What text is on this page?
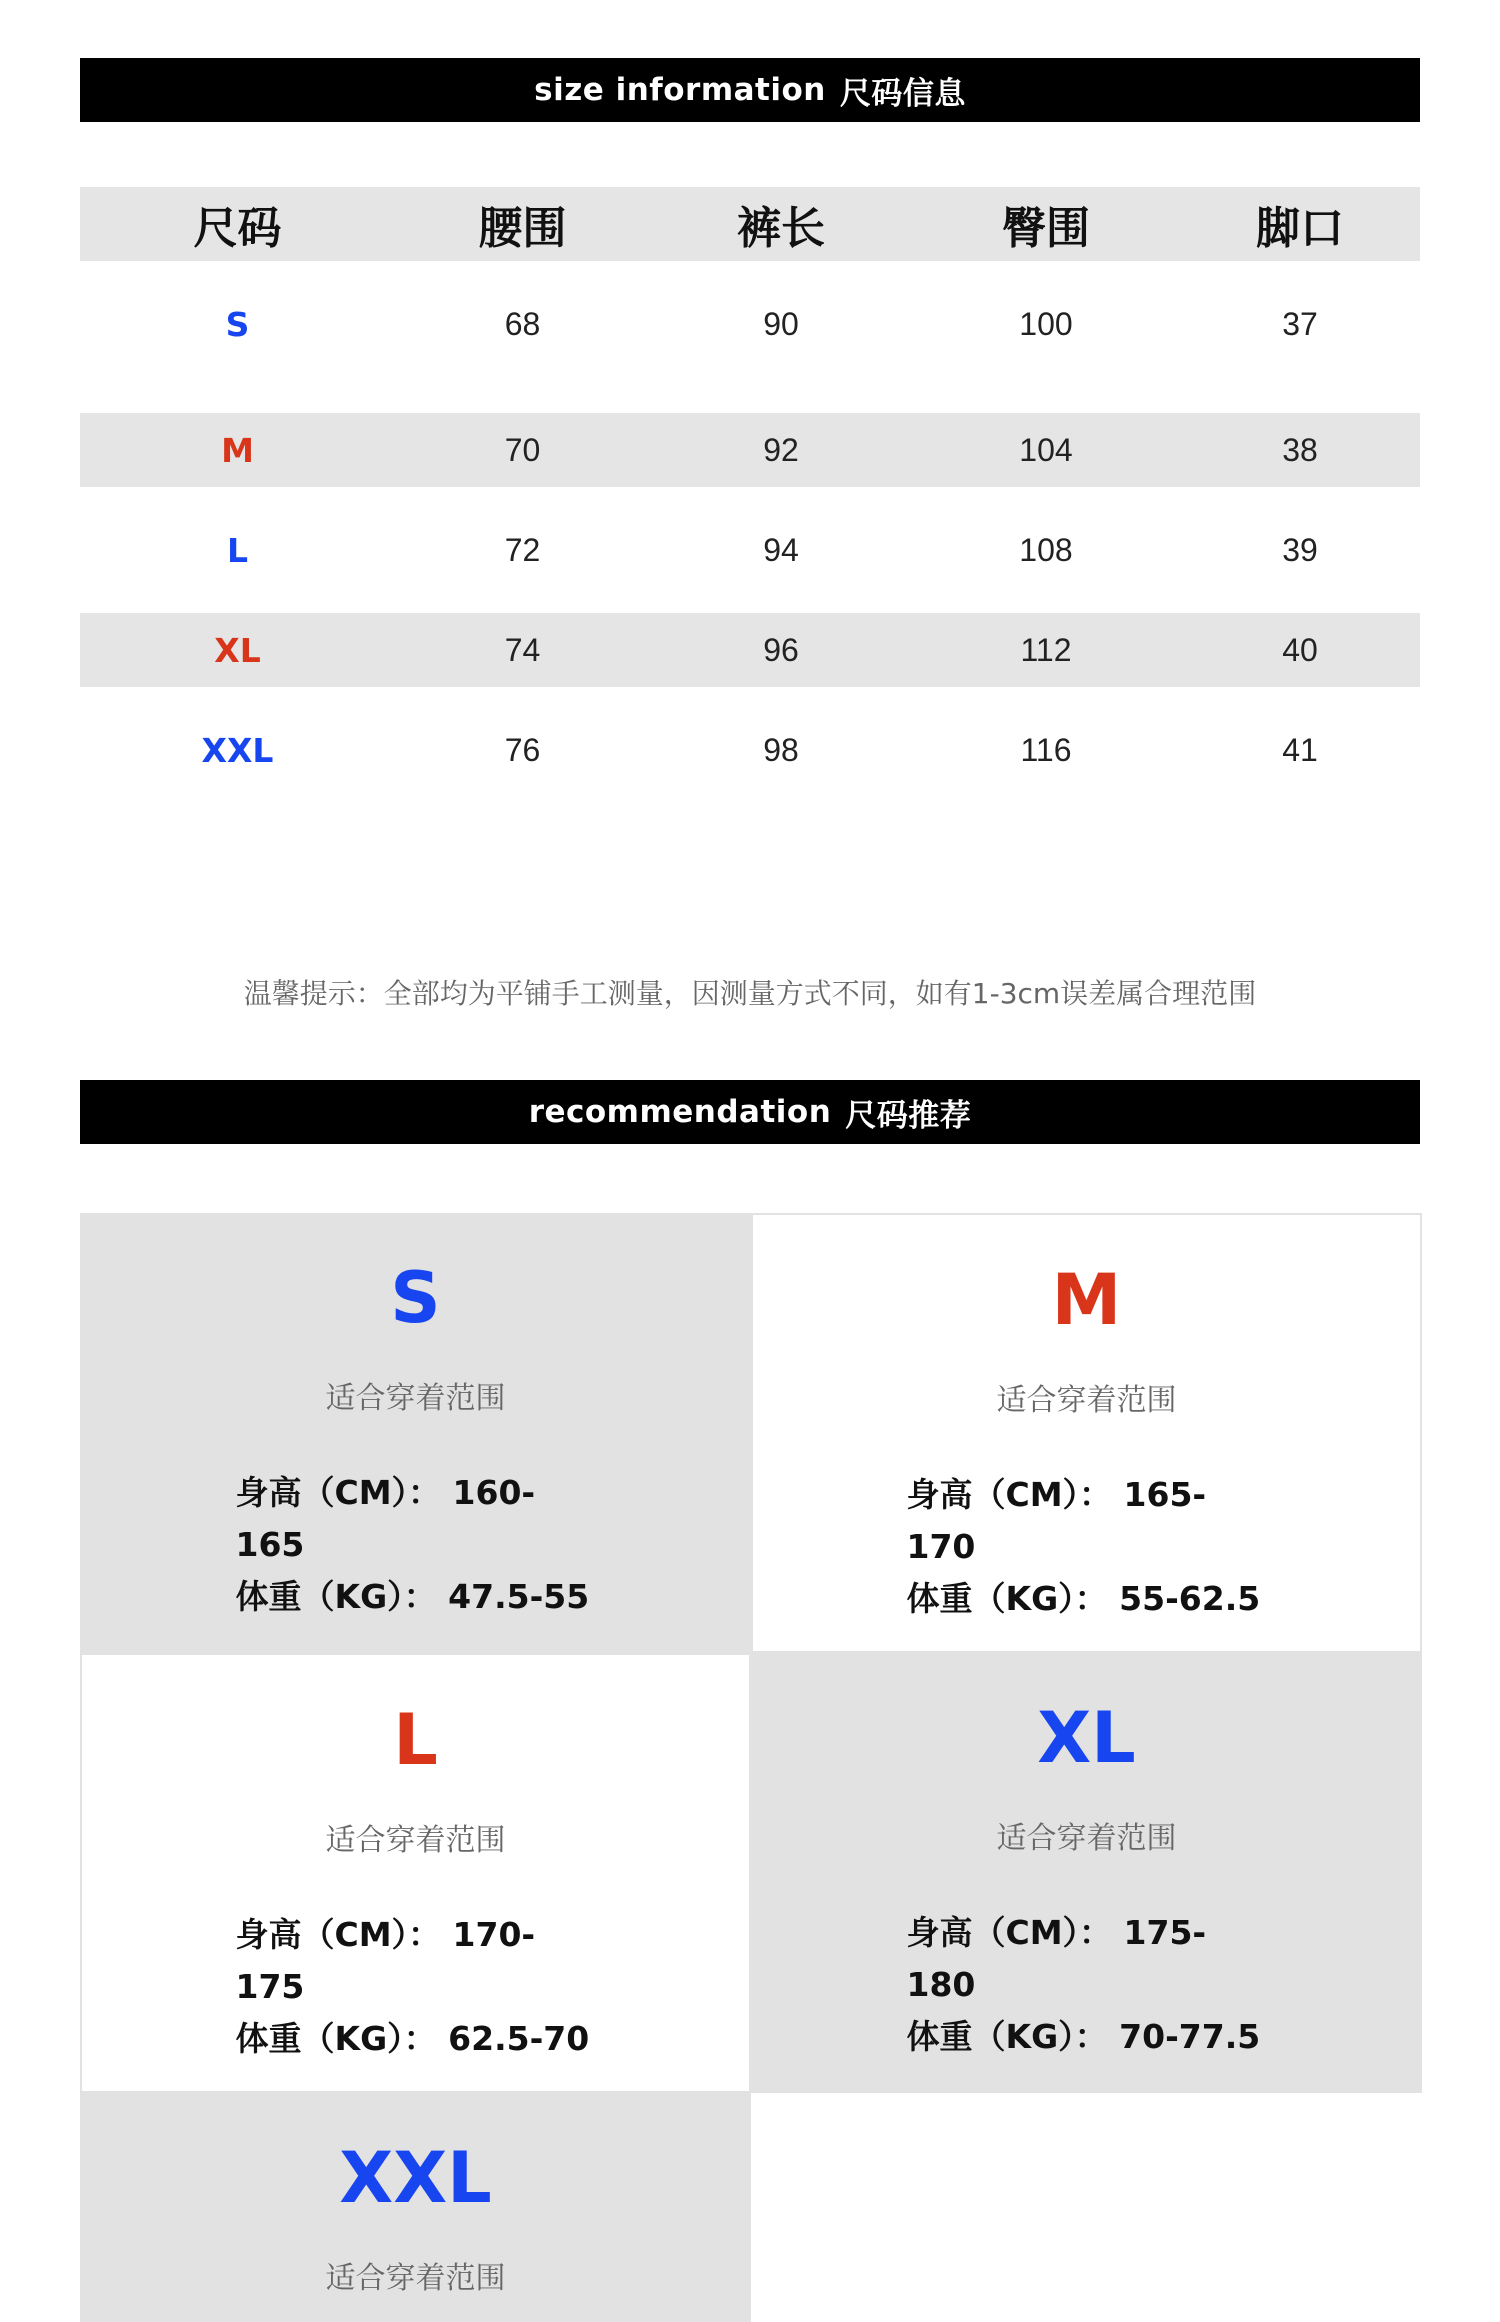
size information 尺码信息
尺码	腰围	裤长	臀围	脚口
S	68	90	100	37
M	70	92	104	38
L	72	94	108	39
XL	74	96	112	40
XXL	76	98	116	41
温馨提示：全部均为平铺手工测量，因测量方式不同，如有1-3cm误差属合理范围
recommendation 尺码推荐
S
适合穿着范围
身高（CM）： 160-165
体重（KG）： 47.5-55
M
适合穿着范围
身高（CM）： 165-170
体重（KG）： 55-62.5
L
适合穿着范围
身高（CM）： 170-175
体重（KG）： 62.5-70
XL
适合穿着范围
身高（CM）： 175-180
体重（KG）： 70-77.5
XXL
适合穿着范围
